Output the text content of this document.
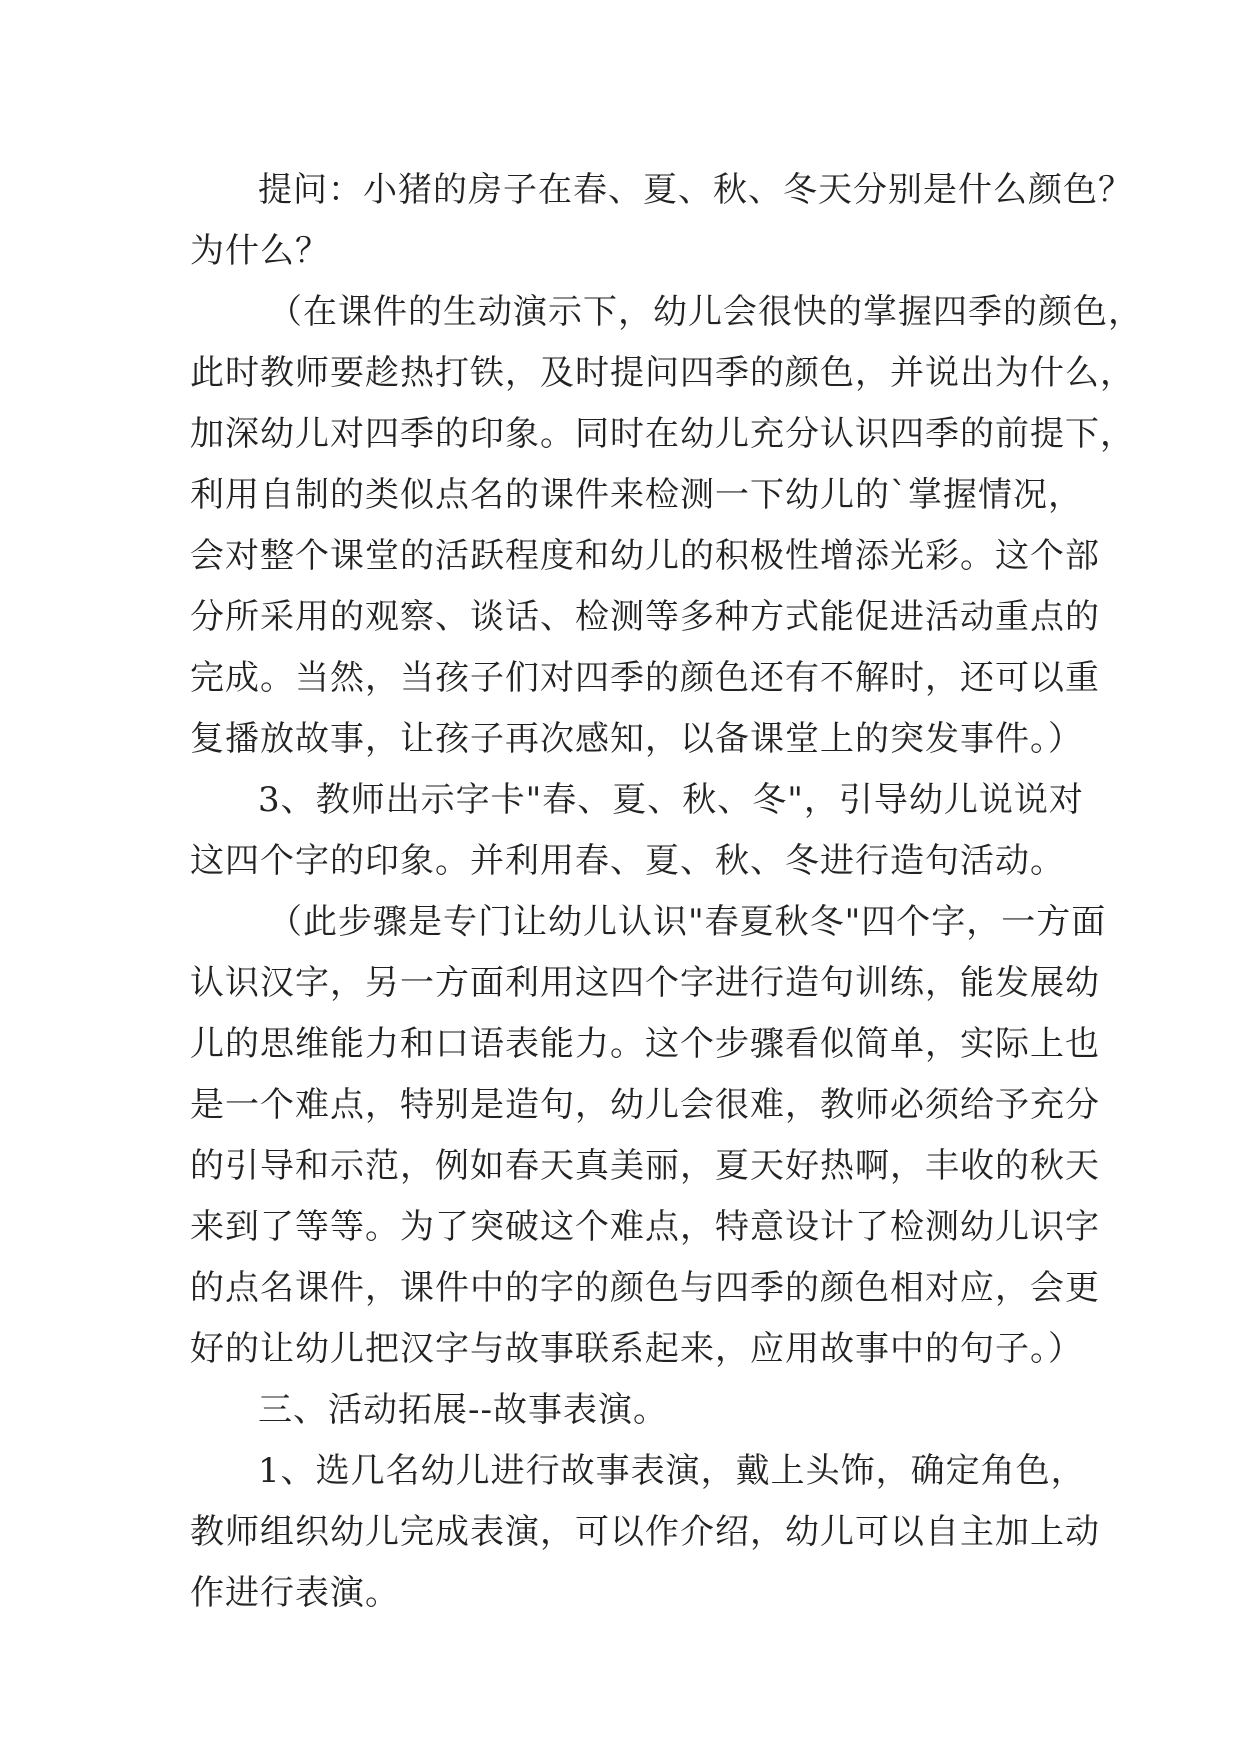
提问：小猪的房子在春、夏、秋、冬天分别是什么颜色？
为什么？
（在课件的生动演示下，幼儿会很快的掌握四季的颜色，
此时教师要趁热打铁，及时提问四季的颜色，并说出为什么，
加深幼儿对四季的印象。同时在幼儿充分认识四季的前提下，
利用自制的类似点名的课件来检测一下幼儿的`掌握情况，
会对整个课堂的活跃程度和幼儿的积极性增添光彩。这个部
分所采用的观察、谈话、检测等多种方式能促进活动重点的
完成。当然，当孩子们对四季的颜色还有不解时，还可以重
复播放故事，让孩子再次感知，以备课堂上的突发事件。）
3、教师出示字卡"春、夏、秋、冬"，引导幼儿说说对
这四个字的印象。并利用春、夏、秋、冬进行造句活动。
（此步骤是专门让幼儿认识"春夏秋冬"四个字，一方面
认识汉字，另一方面利用这四个字进行造句训练，能发展幼
儿的思维能力和口语表能力。这个步骤看似简单，实际上也
是一个难点，特别是造句，幼儿会很难，教师必须给予充分
的引导和示范，例如春天真美丽，夏天好热啊，丰收的秋天
来到了等等。为了突破这个难点，特意设计了检测幼儿识字
的点名课件，课件中的字的颜色与四季的颜色相对应，会更
好的让幼儿把汉字与故事联系起来，应用故事中的句子。）
三、活动拓展--故事表演。
1、选几名幼儿进行故事表演，戴上头饰，确定角色，
教师组织幼儿完成表演，可以作介绍，幼儿可以自主加上动
作进行表演。
